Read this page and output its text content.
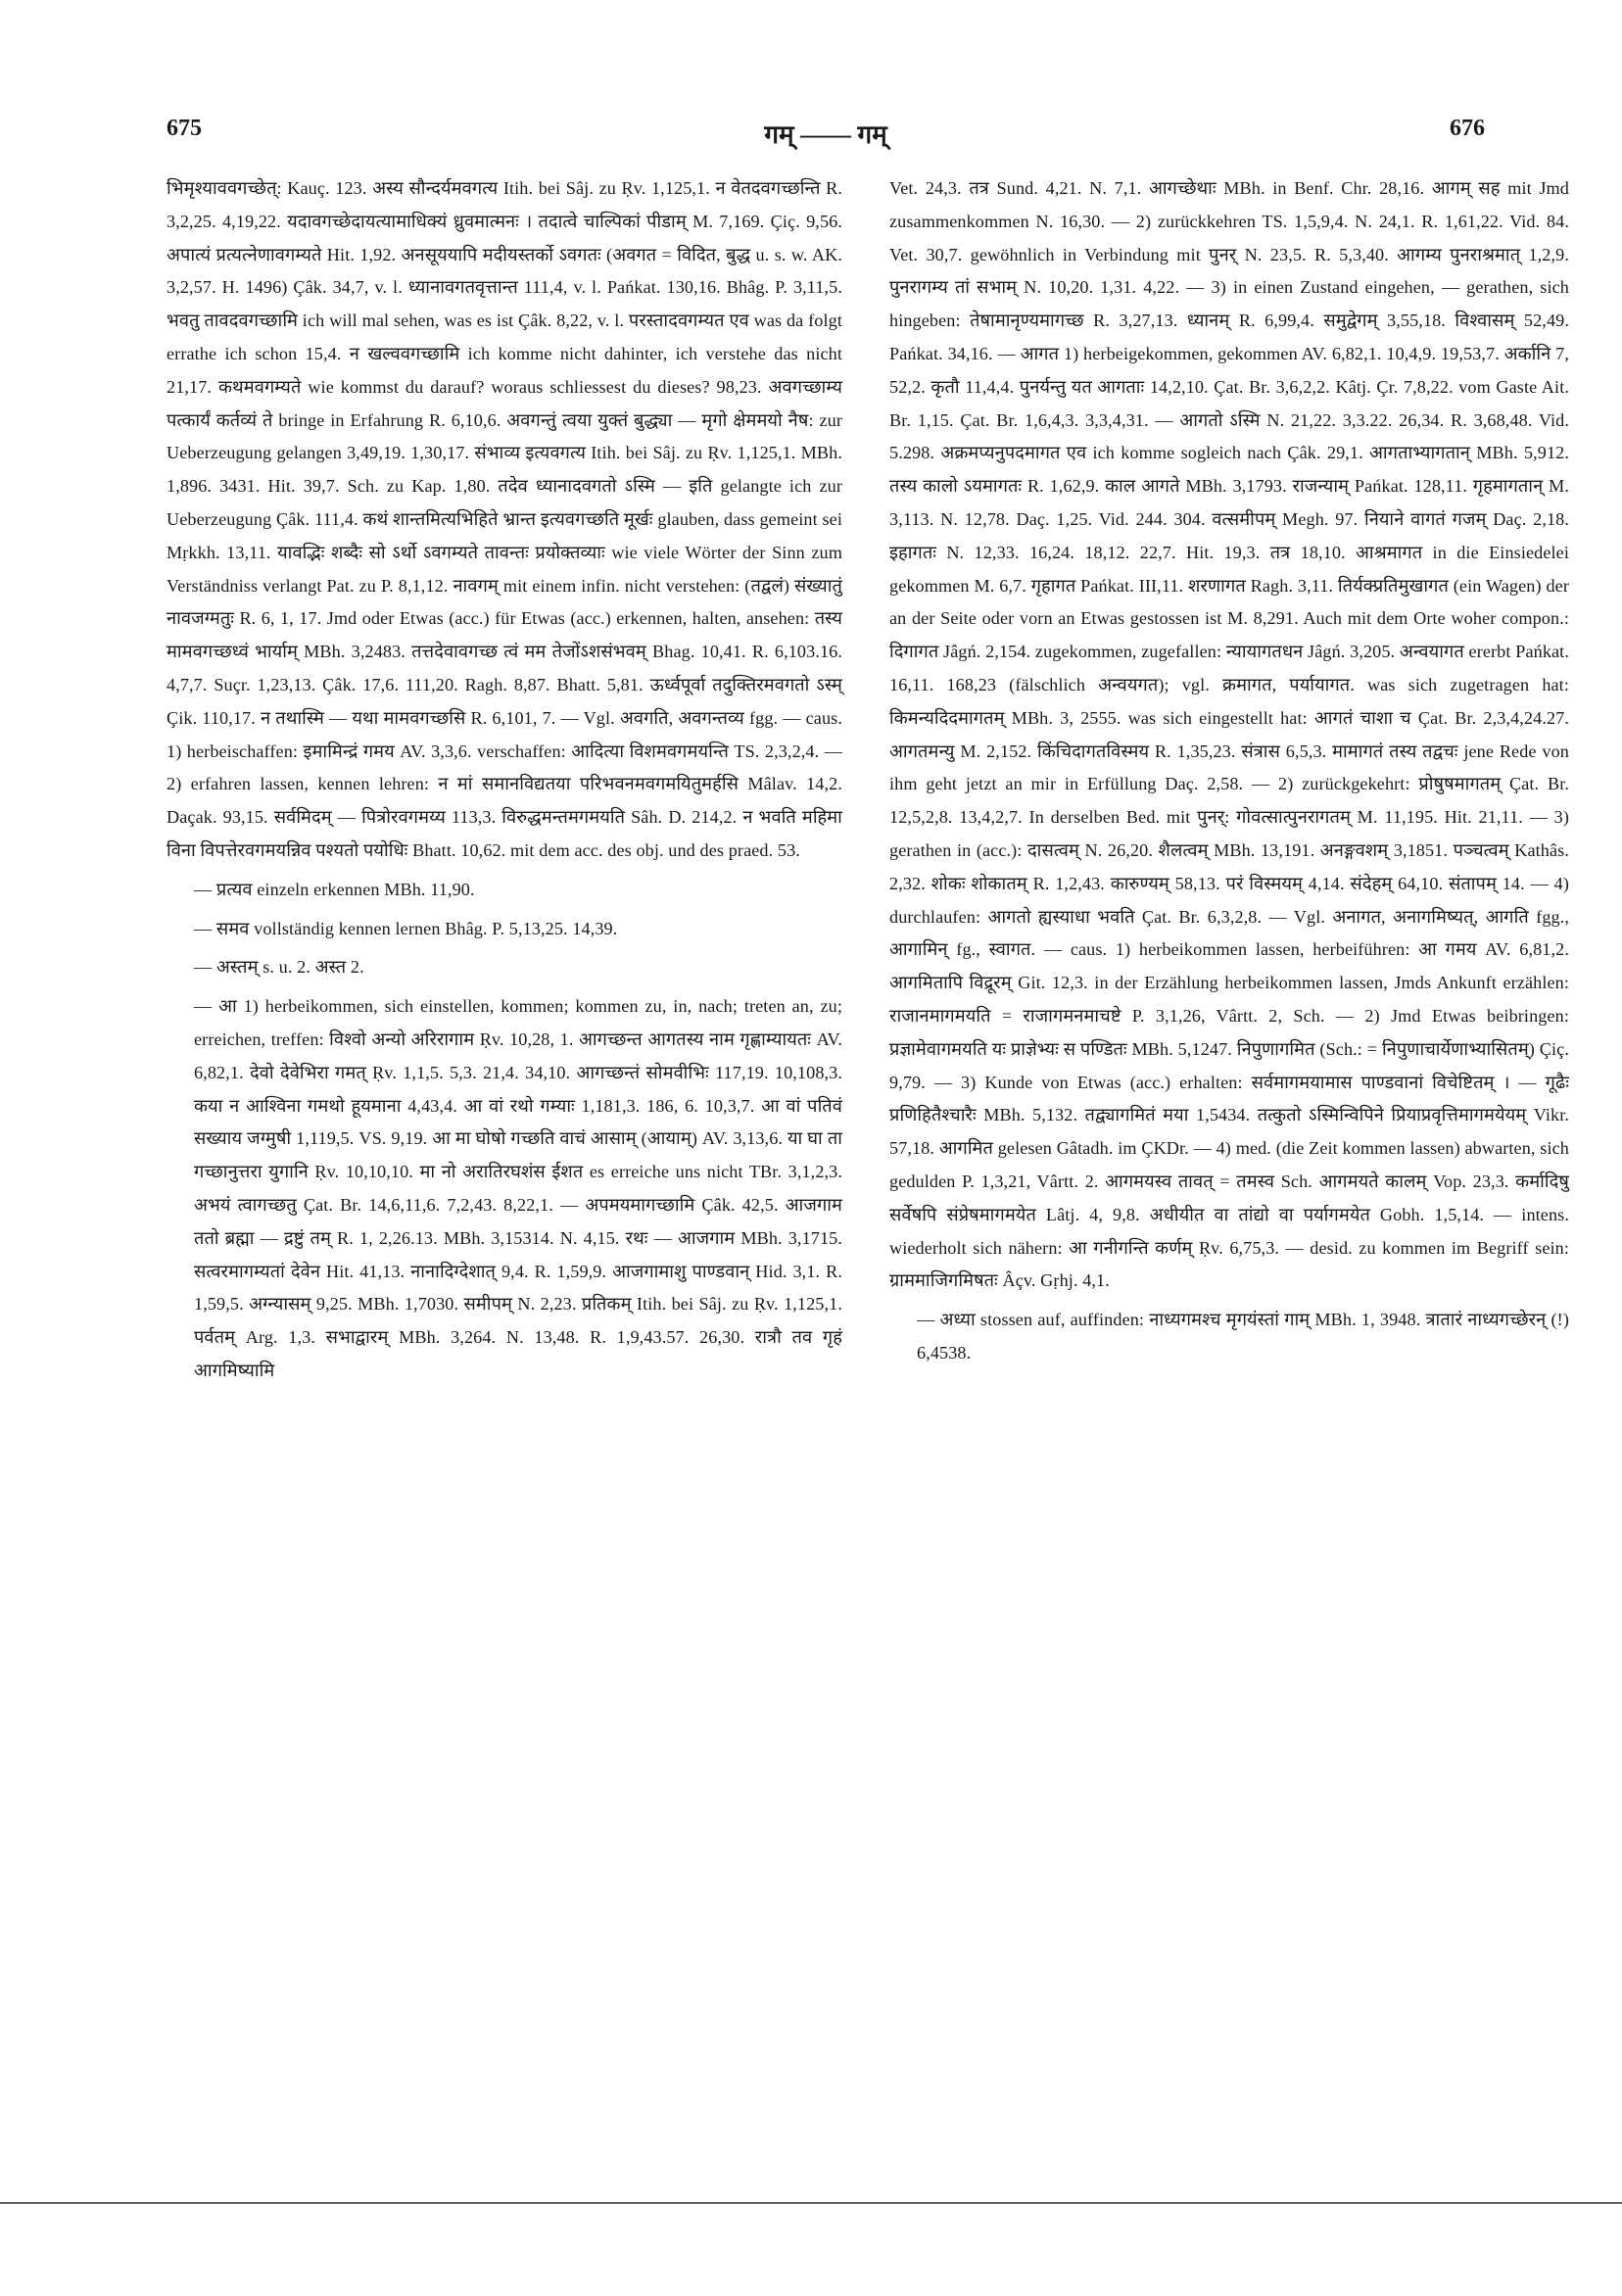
675	गम् —— गम्	676

भिमृश्याववगच्छेत्: Kauç. 123. अस्य सौन्दर्यमवगत्य Itih. bei Sâj. zu Ṛv. 1,125,1. न वेतदवगच्छन्ति R. 3,2,25. 4,19,22. यदावगच्छेदायत्यामाधिक्यं ध्रुवमात्मनः । तदात्वे चाल्पिकां पीडाम् M. 7,169. Çiç. 9,56. अपात्यं प्रत्यत्नेणावगम्यते Hit. 1,92. अनसूययापि मदीयस्तर्को ऽवगतः (अवगत = विदित, बुद्ध u. s. w. AK. 3,2,57. H. 1496) Çâk. 34,7, v. l. ध्यानावगतवृत्तान्त 111,4, v. l. Pańkat. 130,16. Bhâg. P. 3,11,5. भवतु तावदवगच्छामि ich will mal sehen, was es ist Çâk. 8,22, v. l. परस्तादवगम्यत एव was da folgt errathe ich schon 15,4. न खल्ववगच्छामि ich komme nicht dahinter, ich verstehe das nicht 21,17. कथमवगम्यते wie kommst du darauf? woraus schliessest du dieses? 98,23. अवगच्छाम्य पत्कार्यं कर्तव्यं ते bringe in Erfahrung R. 6,10,6. अवगन्तुं त्वया युक्तं बुद्ध्या — मृगो क्षेममयो नैष: zur Ueberzeugung gelangen 3,49,19. 1,30,17. संभाव्य इत्यवगत्य Itih. bei Sâj. zu Ṛv. 1,125,1. MBh. 1,896. 3431. Hit. 39,7. Sch. zu Kap. 1,80. तदेव ध्यानादवगतो ऽस्मि — इति gelangte ich zur Ueberzeugung Çâk. 111,4. कथं शान्तमित्यभिहिते भ्रान्त इत्यवगच्छति मूर्खः glauben, dass gemeint sei Mṛkkh. 13,11. यावद्भिः शब्दैः सो ऽर्थो ऽवगम्यते तावन्तः प्रयोक्तव्याः wie viele Wörter der Sinn zum Verständniss verlangt Pat. zu P. 8,1,12. नावगम् mit einem infin. nicht verstehen: (तद्वलं) संख्यातुं नावजग्मतुः R. 6, 1, 17. Jmd oder Etwas (acc.) für Etwas (acc.) erkennen, halten, ansehen: तस्य मामवगच्छध्वं भार्याम् MBh. 3,2483. तत्तदेवावगच्छ त्वं मम तेजोंऽशसंभवम् Bhag. 10,41. R. 6,103.16. 4,7,7. Suçr. 1,23,13. Çâk. 17,6. 111,20. Ragh. 8,87. Bhatt. 5,81. ऊर्ध्वपूर्वा तदुक्तिरमवगतो ऽस्म् Çik. 110,17. न तथास्मि — यथा मामवगच्छसि R. 6,101, 7. — Vgl. अवगति, अवगन्तव्य fgg. — caus. 1) herbeischaffen: इमामिन्द्रं गमय AV. 3,3,6. verschaffen: आदित्या विशमवगमयन्ति TS. 2,3,2,4. — 2) erfahren lassen, kennen lehren: न मां समानविद्यतया परिभवनमवगमयितुमर्हसि Mâlav. 14,2. Daçak. 93,15. सर्वमिदम् — पित्रोरवगमय्य 113,3. विरुद्धमन्तमगमयति Sâh. D. 214,2. न भवति महिमा विना विपत्तेरवगमयन्निव पश्यतो पयोधिः Bhatt. 10,62. mit dem acc. des obj. und des praed. 53.

— प्रत्यव einzeln erkennen MBh. 11,90.

— समव vollständig kennen lernen Bhâg. P. 5,13,25. 14,39.

— अस्तम् s. u. 2. अस्त 2.

— आ 1) herbeikommen, sich einstellen, kommen; kommen zu, in, nach; treten an, zu; erreichen, treffen: विश्वो अन्यो अरिरागाम Ṛv. 10,28, 1. आगच्छन्त आगतस्य नाम गृह्णाम्यायतः AV. 6,82,1. देवो देवेभिरा गमत् Ṛv. 1,1,5. 5,3. 21,4. 34,10. आगच्छन्तं सोमवीभिः 117,19. 10,108,3. कया न आश्विना गमथो हूयमाना 4,43,4. आ वां रथो गम्याः 1,181,3. 186, 6. 10,3,7. आ वां पतिवं सख्याय जग्मुषी 1,119,5. VS. 9,19. आ मा घोषो गच्छति वाचं आसाम् (आयाम्) AV. 3,13,6. या घा ता गच्छानुत्तरा युगानि Ṛv. 10,10,10. मा नो अरातिरघशंस ईशत es erreiche uns nicht TBr. 3,1,2,3. अभयं त्वागच्छतु Çat. Br. 14,6,11,6. 7,2,43. 8,22,1. — अपमयमागच्छामि Çâk. 42,5. आजगाम ततो ब्रह्मा — द्रष्टुं तम् R. 1, 2,26.13. MBh. 3,15314. N. 4,15. रथः — आजगाम MBh. 3,1715. सत्वरमागम्यतां देवेन Hit. 41,13. नानादिग्देशात् 9,4. R. 1,59,9. आजगामाशु पाण्डवान् Hid. 3,1. R. 1,59,5. अग्न्यासम् 9,25. MBh. 1,7030. समीपम् N. 2,23. प्रतिकम् Itih. bei Sâj. zu Ṛv. 1,125,1. पर्वतम् Arg. 1,3. सभाद्वारम् MBh. 3,264. N. 13,48. R. 1,9,43.57. 26,30. रात्रौ तव गृहं आगमिष्यामि

Vet. 24,3. तत्र Sund. 4,21. N. 7,1. आगच्छेथाः MBh. in Benf. Chr. 28,16. आगम् सह mit Jmd zusammenkommen N. 16,30. — 2) zurückkehren TS. 1,5,9,4. N. 24,1. R. 1,61,22. Vid. 84. Vet. 30,7. gewöhnlich in Verbindung mit पुनर् N. 23,5. R. 5,3,40. आगम्य पुनराश्रमात् 1,2,9. पुनरागम्य तां सभाम् N. 10,20. 1,31. 4,22. — 3) in einen Zustand eingehen, — gerathen, sich hingeben: तेषामानृण्यमागच्छ R. 3,27,13. ध्यानम् R. 6,99,4. समुद्वेगम् 3,55,18. विश्वासम् 52,49. Pańkat. 34,16. — आगत 1) herbeigekommen, gekommen AV. 6,82,1. 10,4,9. 19,53,7. अर्कानि 7, 52,2. कृतौ 11,4,4. पुनर्यन्तु यत आगताः 14,2,10. Çat. Br. 3,6,2,2. Kâtj. Çr. 7,8,22. vom Gaste Ait. Br. 1,15. Çat. Br. 1,6,4,3. 3,3,4,31. — आगतो ऽस्मि N. 21,22. 3,3.22. 26,34. R. 3,68,48. Vid. 5.298. अक्रमप्यनुपदमागत एव ich komme sogleich nach Çâk. 29,1. आगताभ्यागतान् MBh. 5,912. तस्य कालो ऽयमागतः R. 1,62,9. काल आगते MBh. 3,1793. राजन्याम् Pańkat. 128,11. गृहमागतान् M. 3,113. N. 12,78. Daç. 1,25. Vid. 244. 304. वत्समीपम् Megh. 97. नियाने वागतं गजम् Daç. 2,18. इहागतः N. 12,33. 16,24. 18,12. 22,7. Hit. 19,3. तत्र 18,10. आश्रमागत in die Einsiedelei gekommen M. 6,7. गृहागत Pańkat. III,11. शरणागत Ragh. 3,11. तिर्यक्प्रतिमुखागत (ein Wagen) der an der Seite oder vorn an Etwas gestossen ist M. 8,291. Auch mit dem Orte woher compon.: दिगागत Jâgń. 2,154. zugekommen, zugefallen: न्यायागतधन Jâgń. 3,205. अन्वयागत ererbt Pańkat. 16,11. 168,23 (fälschlich अन्वयगत); vgl. क्रमागत, पर्यायागत. was sich zugetragen hat: किमन्यदिदमागतम् MBh. 3, 2555. was sich eingestellt hat: आगतं चाशा च Çat. Br. 2,3,4,24.27. आगतमन्यु M. 2,152. किंचिदागतविस्मय R. 1,35,23. संत्रास 6,5,3. मामागतं तस्य तद्वचः jene Rede von ihm geht jetzt an mir in Erfüllung Daç. 2,58. — 2) zurückgekehrt: प्रोषुषमागतम् Çat. Br. 12,5,2,8. 13,4,2,7. In derselben Bed. mit पुनर्: गोवत्सात्पुनरागतम् M. 11,195. Hit. 21,11. — 3) gerathen in (acc.): दासत्वम् N. 26,20. शैलत्वम् MBh. 13,191. अनङ्गवशम् 3,1851. पञ्चत्वम् Kathâs. 2,32. शोकः शोकातम् R. 1,2,43. कारुण्यम् 58,13. परं विस्मयम् 4,14. संदेहम् 64,10. संतापम् 14. — 4) durchlaufen: आगतो ह्यस्याधा भवति Çat. Br. 6,3,2,8. — Vgl. अनागत, अनागमिष्यत्, आगति fgg., आगामिन् fg., स्वागत. — caus. 1) herbeikommen lassen, herbeiführen: आ गमय AV. 6,81,2. आगमितापि विद्रूरम् Git. 12,3. in der Erzählung herbeikommen lassen, Jmds Ankunft erzählen: राजानमागमयति = राजागमनमाचष्टे P. 3,1,26, Vârtt. 2, Sch. — 2) Jmd Etwas beibringen: प्रज्ञामेवागमयति यः प्राज्ञेभ्यः स पण्डितः MBh. 5,1247. निपुणागमित (Sch.: = निपुणाचार्येणाभ्यासितम्) Çiç. 9,79. — 3) Kunde von Etwas (acc.) erhalten: सर्वमागमयामास पाण्डवानां विचेष्टितम् । — गूढैः प्रणिहितैश्चारैः MBh. 5,132. तद्व्यागमितं मया 1,5434. तत्कुतो ऽस्मिन्विपिने प्रियाप्रवृत्तिमागमयेयम् Vikr. 57,18. आगमित gelesen Gâtadh. im ÇKDr. — 4) med. (die Zeit kommen lassen) abwarten, sich gedulden P. 1,3,21, Vârtt. 2. आगमयस्व तावत् = तमस्व Sch. आगमयते कालम् Vop. 23,3. कर्मादिषु सर्वेषपि संप्रेषमागमयेत Lâtj. 4, 9,8. अधीयीत वा तांद्यो वा पर्यागमयेत Gobh. 1,5,14. — intens. wiederholt sich nähern: आ गनीगन्ति कर्णम् Ṛv. 6,75,3. — desid. zu kommen im Begriff sein: ग्राममाजिगमिषतः Âçv. Gṛhj. 4,1.

— अध्या stossen auf, auffinden: नाध्यगमश्च मृगयंस्तां गाम् MBh. 1, 3948. त्रातारं नाध्यगच्छेरन् (!) 6,4538.
